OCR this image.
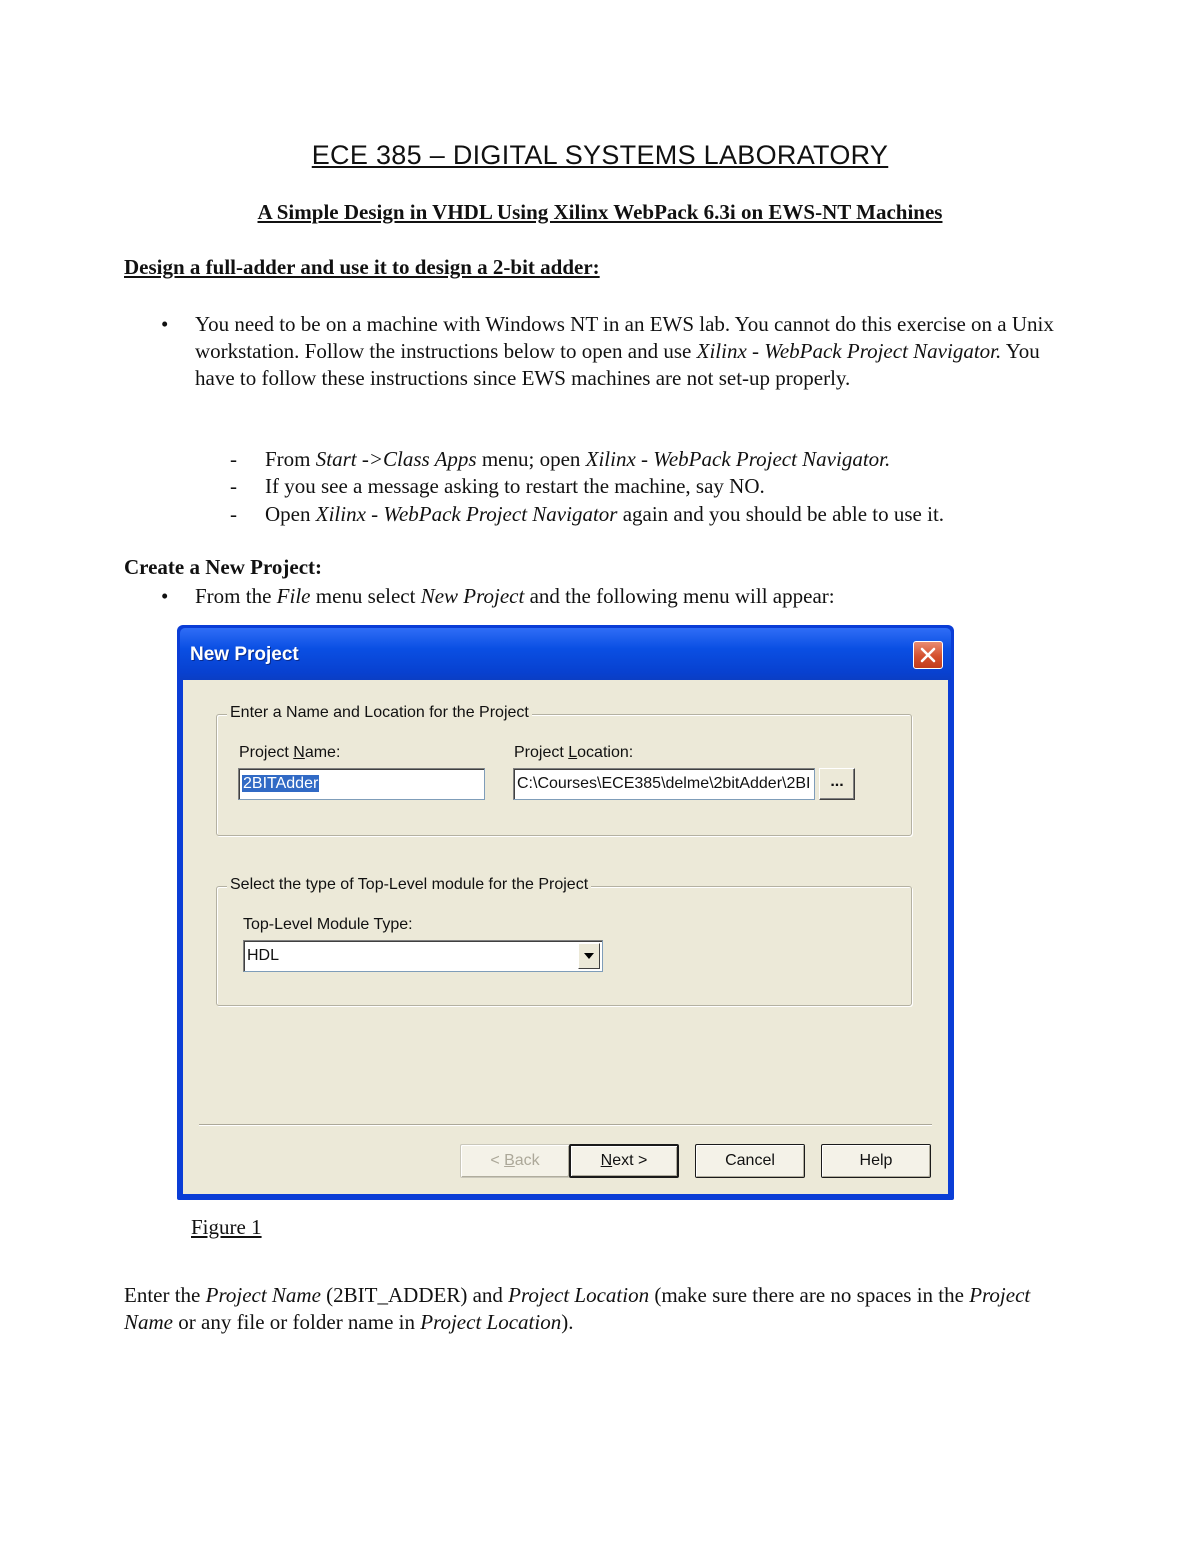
ECE 385 – DIGITAL SYSTEMS LABORATORY
A Simple Design in VHDL Using Xilinx WebPack 6.3i on EWS-NT Machines
Design a full-adder and use it to design a 2-bit adder:
• You need to be on a machine with Windows NT in an EWS lab. You cannot do this exercise on a Unix workstation. Follow the instructions below to open and use Xilinx - WebPack Project Navigator. You have to follow these instructions since EWS machines are not set-up properly.
- From Start ->Class Apps menu; open Xilinx - WebPack Project Navigator.
- If you see a message asking to restart the machine, say NO.
- Open Xilinx - WebPack Project Navigator again and you should be able to use it.
Create a New Project:
• From the File menu select New Project and the following menu will appear:
New Project
Enter a Name and Location for the Project
Project Name:
2BITAdder
Project Location:
C:\Courses\ECE385\delme\2bitAdder\2BI	...
Select the type of Top-Level module for the Project
Top-Level Module Type:
HDL
< Back	Next >	Cancel	Help
Figure 1
Enter the Project Name (2BIT_ADDER) and Project Location (make sure there are no spaces in the Project Name or any file or folder name in Project Location).
